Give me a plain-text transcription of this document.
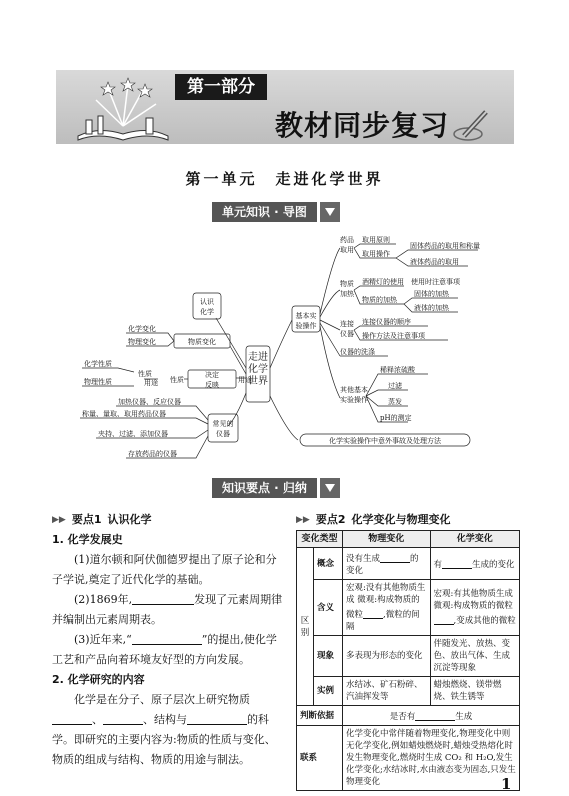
第一部分
教材同步复习
第一单元　走进化学世界
单元知识 · 导图
走进
化学
世界
认识
化学
物质变化
化学变化
物理变化
决定
反映
性质	用途
性质
用途
化学性质
物理性质
常见的
仪器
加热仪器、反应仪器
称量、量取、取用药品仪器
夹持、过滤、添加仪器
存放药品的仪器
基本实
验操作
药品
取用
取用原则
取用操作
固体药品的取用和称量
液体药品的取用
物质
加热
酒精灯的使用　使用时注意事项
物质的加热
固体的加热
液体的加热
连接
仪器
连接仪器的顺序
操作方法及注意事项
仪器的洗涤
其他基本
实验操作
稀释浓硫酸
过滤
蒸发
pH的测定
化学实验操作中意外事故及处理方法
知识要点 · 归纳
▶▶ 要点1 认识化学
1. 化学发展史

(1)道尔顿和阿伏伽德罗提出了原子论和分子学说,奠定了近代化学的基础。

(2)1869年,	发现了元素周期律并编制出元素周期表。

(3)近年来,“	”的提出,使化学工艺和产品向着环境友好型的方向发展。

2. 化学研究的内容

化学是在分子、原子层次上研究物质、	、结构与	的科学。即研究的主要内容为:物质的性质与变化、物质的组成与结构、物质的用途与制法。

▶▶ 要点2 化学变化与物理变化
变化类型		物理变化	化学变化
区别	概念	没有生成 的变化	有 生成的变化
	含义	宏观:没有其他物质生成 微观:构成物质的微粒 ,微粒的间隔	宏观:有其他物质生成 微观:构成物质的微粒,变成其他的微粒
	现象	多表现为形态的变化	伴随发光、放热、变色、放出气体、生成沉淀等现象
	实例	水结冰、矿石粉碎、汽油挥发等	蜡烛燃烧、镁带燃烧、铁生锈等
判断依据		是否有 生成	
联系		化学变化中常伴随着物理变化,物理变化中则无化学变化,例如蜡烛燃烧时,蜡烛受热熔化时发生物理变化,燃烧时生成 CO₂ 和 H₂O,发生化学变化;水结冰时,水由液态变为固态,只发生物理变化		1
